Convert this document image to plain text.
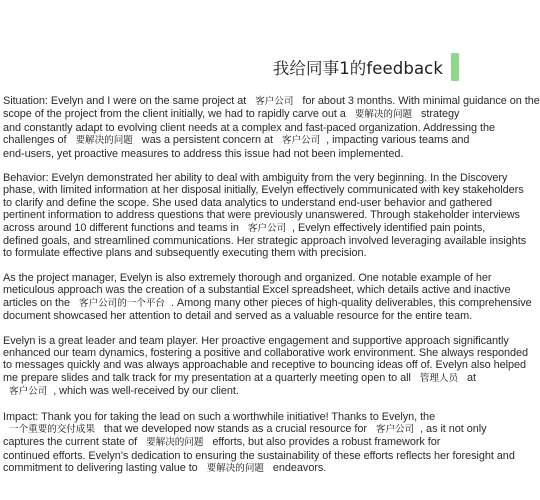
我给同事1的feedback
Situation: Evelyn and I were on the same project at 客户公司 for about 3 months. With minimal guidance on the
scope of the project from the client initially, we had to rapidly carve out a 要解决的问题 strategy
and constantly adapt to evolving client needs at a complex and fast-paced organization. Addressing the
challenges of 要解决的问题 was a persistent concern at 客户公司 , impacting various teams and
end-users, yet proactive measures to address this issue had not been implemented.
Behavior: Evelyn demonstrated her ability to deal with ambiguity from the very beginning. In the Discovery
phase, with limited information at her disposal initially, Evelyn effectively communicated with key stakeholders
to clarify and define the scope. She used data analytics to understand end-user behavior and gathered
pertinent information to address questions that were previously unanswered. Through stakeholder interviews
across around 10 different functions and teams in 客户公司 , Evelyn effectively identified pain points,
defined goals, and streamlined communications. Her strategic approach involved leveraging available insights
to formulate effective plans and subsequently executing them with precision.
As the project manager, Evelyn is also extremely thorough and organized. One notable example of her
meticulous approach was the creation of a substantial Excel spreadsheet, which details active and inactive
articles on the 客户公司的一个平台 . Among many other pieces of high-quality deliverables, this comprehensive
document showcased her attention to detail and served as a valuable resource for the entire team.
Evelyn is a great leader and team player. Her proactive engagement and supportive approach significantly
enhanced our team dynamics, fostering a positive and collaborative work environment. She always responded
to messages quickly and was always approachable and receptive to bouncing ideas off of. Evelyn also helped
me prepare slides and talk track for my presentation at a quarterly meeting open to all 管理人员 at
客户公司 , which was well-received by our client.
Impact: Thank you for taking the lead on such a worthwhile initiative! Thanks to Evelyn, the
一个重要的交付成果 that we developed now stands as a crucial resource for 客户公司 , as it not only
captures the current state of 要解决的问题 efforts, but also provides a robust framework for
continued efforts. Evelyn's dedication to ensuring the sustainability of these efforts reflects her foresight and
commitment to delivering lasting value to 要解决的问题 endeavors.
